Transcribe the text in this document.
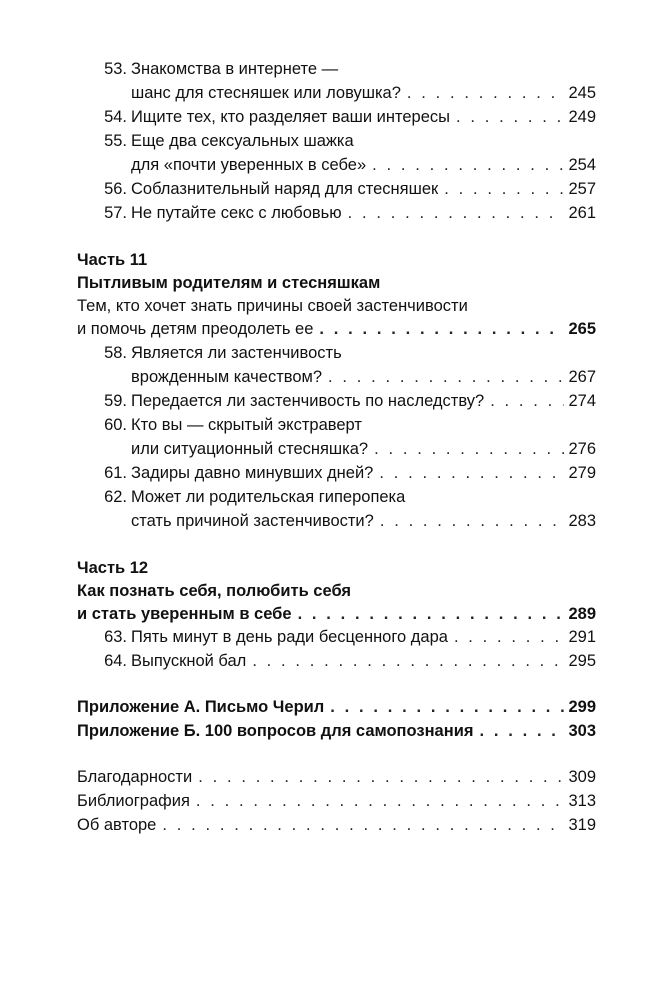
53. Знакомства в интернете —
шанс для стесняшек или ловушка? . . .	245
54. Ищите тех, кто разделяет ваши интересы . . .	249
55. Еще два сексуальных шажка
для «почти уверенных в себе» . . .	254
56. Соблазнительный наряд для стесняшек . . .	257
57. Не путайте секс с любовью . . .	261
Часть 11
Пытливым родителям и стесняшкам
Тем, кто хочет знать причины своей застенчивости
и помочь детям преодолеть ее . . .	265
58. Является ли застенчивость
врожденным качеством? . . .	267
59. Передается ли застенчивость по наследству? . . .	274
60. Кто вы — скрытый экстраверт
или ситуационный стесняшка? . . .	276
61. Задиры давно минувших дней? . . .	279
62. Может ли родительская гиперопека
стать причиной застенчивости? . . .	283
Часть 12
Как познать себя, полюбить себя
и стать уверенным в себе . . .	289
63. Пять минут в день ради бесценного дара . . .	291
64. Выпускной бал . . .	295
Приложение А. Письмо Черил . . .	299
Приложение Б. 100 вопросов для самопознания . . .	303
Благодарности . . .	309
Библиография . . .	313
Об авторе . . .	319
